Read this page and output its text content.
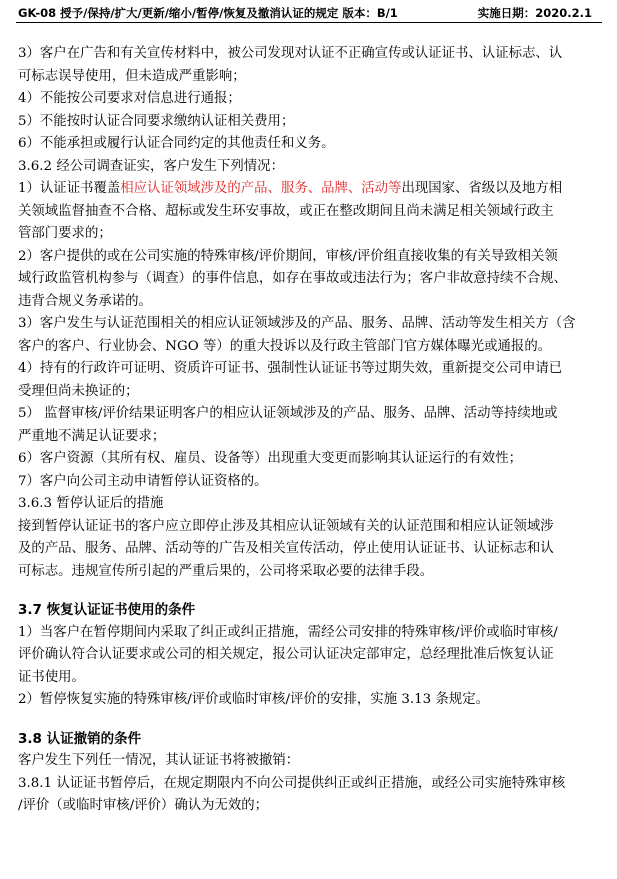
GK-08 授予/保持/扩大/更新/缩小/暂停/恢复及撤消认证的规定 版本：B/1	实施日期：2020.2.1

3）客户在广告和有关宣传材料中，被公司发现对认证不正确宣传或认证证书、认证标志、认

可标志误导使用，但未造成严重影响；

4）不能按公司要求对信息进行通报；

5）不能按时认证合同要求缴纳认证相关费用；

6）不能承担或履行认证合同约定的其他责任和义务。

3.6.2 经公司调查证实，客户发生下列情况：

1）认证证书覆盖相应认证领域涉及的产品、服务、品牌、活动等出现国家、省级以及地方相

关领域监督抽查不合格、超标或发生环安事故，或正在整改期间且尚未满足相关领域行政主

管部门要求的；

2）客户提供的或在公司实施的特殊审核/评价期间，审核/评价组直接收集的有关导致相关领

域行政监管机构参与（调查）的事件信息，如存在事故或违法行为；客户非故意持续不合规、

违背合规义务承诺的。

3）客户发生与认证范围相关的相应认证领域涉及的产品、服务、品牌、活动等发生相关方（含

客户的客户、行业协会、NGO 等）的重大投诉以及行政主管部门官方媒体曝光或通报的。

4）持有的行政许可证明、资质许可证书、强制性认证证书等过期失效，重新提交公司申请已

受理但尚未换证的；

5） 监督审核/评价结果证明客户的相应认证领域涉及的产品、服务、品牌、活动等持续地或

严重地不满足认证要求；

6）客户资源（其所有权、雇员、设备等）出现重大变更而影响其认证运行的有效性；

7）客户向公司主动申请暂停认证资格的。

3.6.3 暂停认证后的措施

接到暂停认证证书的客户应立即停止涉及其相应认证领域有关的认证范围和相应认证领域涉

及的产品、服务、品牌、活动等的广告及相关宣传活动，停止使用认证证书、认证标志和认

可标志。违规宣传所引起的严重后果的，公司将采取必要的法律手段。

3.7 恢复认证证书使用的条件

1）当客户在暂停期间内采取了纠正或纠正措施，需经公司安排的特殊审核/评价或临时审核/

评价确认符合认证要求或公司的相关规定，报公司认证决定部审定，总经理批准后恢复认证

证书使用。

2）暂停恢复实施的特殊审核/评价或临时审核/评价的安排，实施 3.13 条规定。

3.8 认证撤销的条件

客户发生下列任一情况，其认证证书将被撤销：

3.8.1 认证证书暂停后，在规定期限内不向公司提供纠正或纠正措施，或经公司实施特殊审核

/评价（或临时审核/评价）确认为无效的；
